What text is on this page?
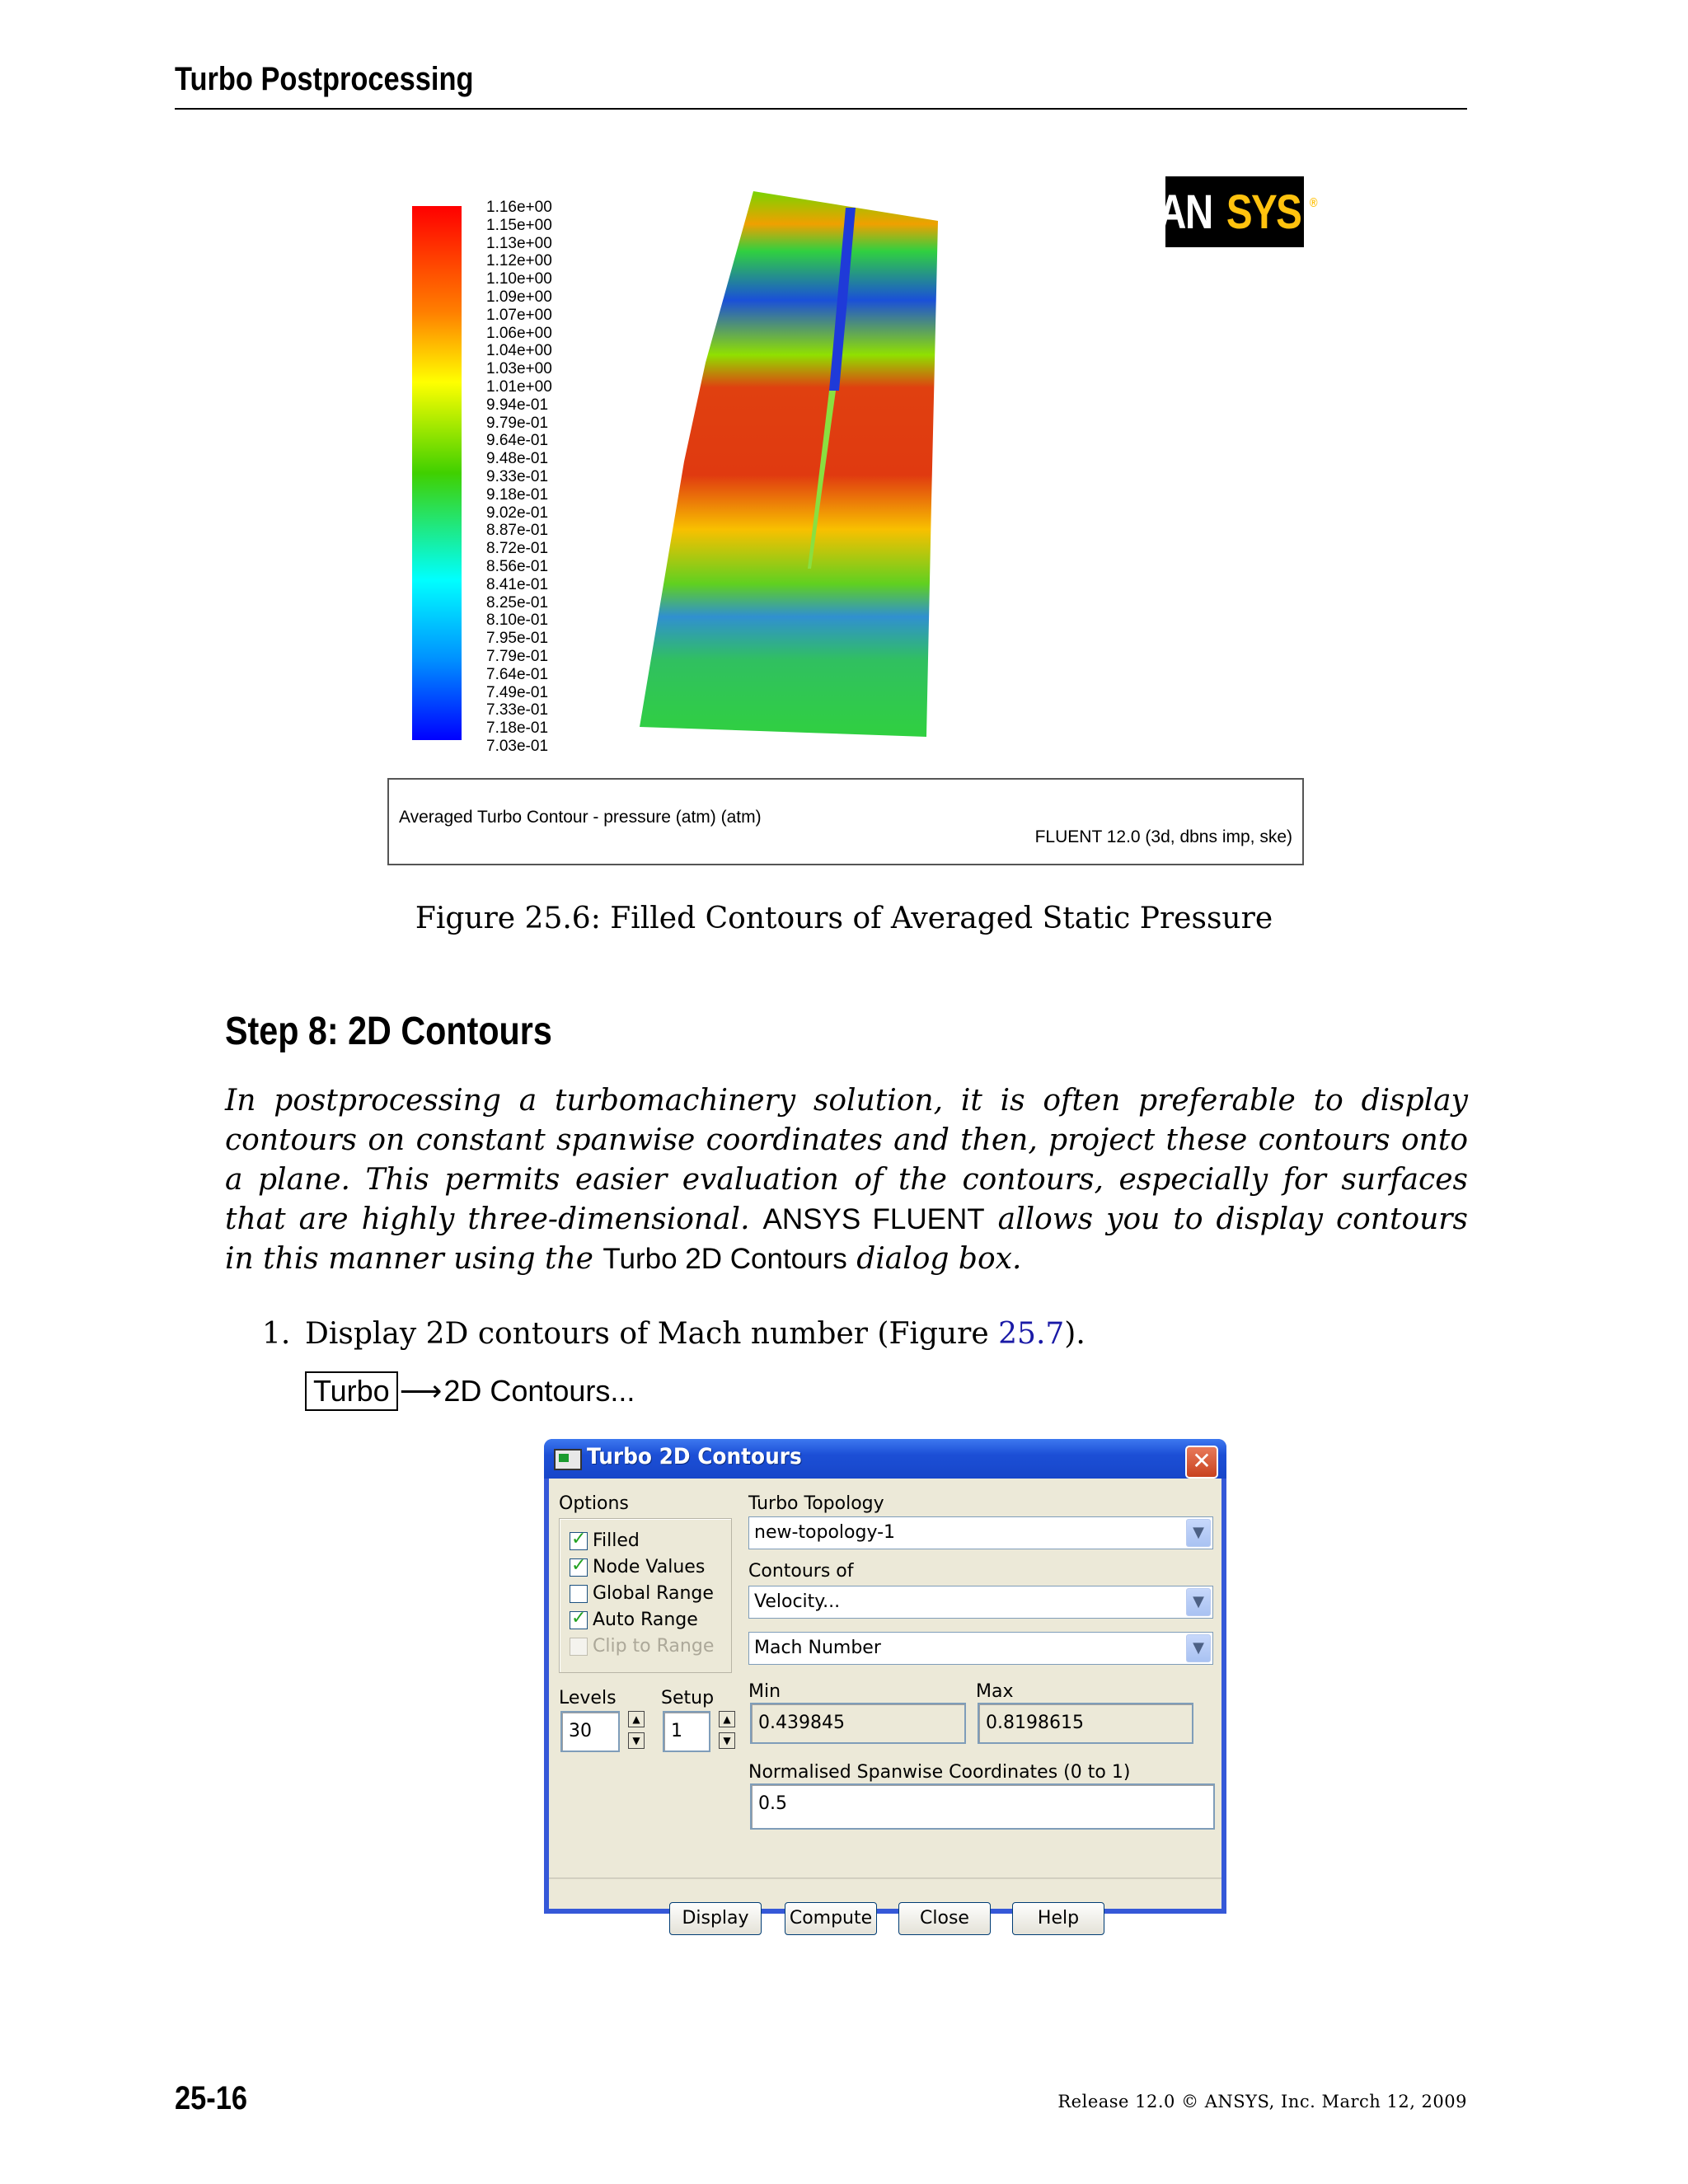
Turbo Postprocessing
1.16e+00
1.15e+00
1.13e+00
1.12e+00
1.10e+00
1.09e+00
1.07e+00
1.06e+00
1.04e+00
1.03e+00
1.01e+00
9.94e-01
9.79e-01
9.64e-01
9.48e-01
9.33e-01
9.18e-01
9.02e-01
8.87e-01
8.72e-01
8.56e-01
8.41e-01
8.25e-01
8.10e-01
7.95e-01
7.79e-01
7.64e-01
7.49e-01
7.33e-01
7.18e-01
7.03e-01
AN SYS ®
Averaged Turbo Contour - pressure (atm) (atm)
FLUENT 12.0 (3d, dbns imp, ske)
Figure 25.6: Filled Contours of Averaged Static Pressure
Step 8: 2D Contours
In postprocessing a turbomachinery solution, it is often preferable to display contours on constant spanwise coordinates and then, project these contours onto a plane. This permits easier evaluation of the contours, especially for surfaces that are highly three-dimensional. ANSYS FLUENT allows you to display contours in this manner using the Turbo 2D Contours dialog box.
1. Display 2D contours of Mach number (Figure 25.7).
Turbo ⟶ 2D Contours...
Turbo 2D Contours	✕
Options
✓
Filled
✓
Node Values
Global Range
✓
Auto Range
Clip to Range
Turbo Topology
new-topology-1	▼
Contours of
Velocity...	▼
Mach Number	▼
Levels
30
▲
▼
Setup
1
▲
▼
Min
0.439845
Max
0.8198615
Normalised Spanwise Coordinates (0 to 1)
0.5
Display	Compute	Close	Help
25-16	Release 12.0 © ANSYS, Inc. March 12, 2009
